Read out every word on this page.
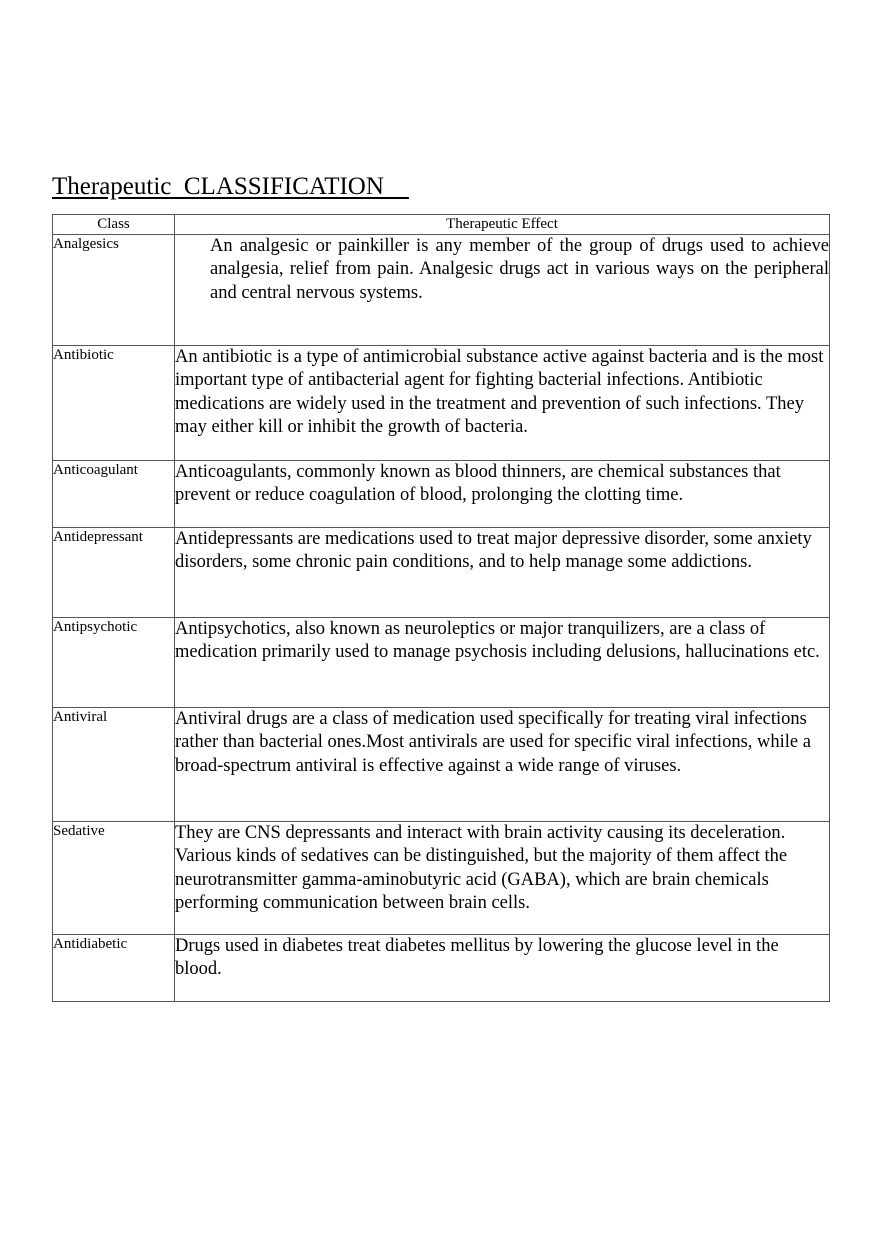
Therapeutic  CLASSIFICATION
Class	Therapeutic Effect
Analgesics	An analgesic or painkiller is any member of the group of drugs used to achieve analgesia, relief from pain. Analgesic drugs act in various ways on the peripheral and central nervous systems.
Antibiotic	An antibiotic is a type of antimicrobial substance active against bacteria and is the most important type of antibacterial agent for fighting bacterial infections. Antibiotic medications are widely used in the treatment and prevention of such infections. They may either kill or inhibit the growth of bacteria.
Anticoagulant	Anticoagulants, commonly known as blood thinners, are chemical substances that prevent or reduce coagulation of blood, prolonging the clotting time.
Antidepressant	Antidepressants are medications used to treat major depressive disorder, some anxiety disorders, some chronic pain conditions, and to help manage some addictions.
Antipsychotic	Antipsychotics, also known as neuroleptics or major tranquilizers, are a class of medication primarily used to manage psychosis including delusions, hallucinations etc.
Antiviral	Antiviral drugs are a class of medication used specifically for treating viral infections rather than bacterial ones.Most antivirals are used for specific viral infections, while a broad-spectrum antiviral is effective against a wide range of viruses.
Sedative	They are CNS depressants and interact with brain activity causing its deceleration. Various kinds of sedatives can be distinguished, but the majority of them affect the neurotransmitter gamma-aminobutyric acid (GABA), which are brain chemicals performing communication between brain cells.
Antidiabetic	Drugs used in diabetes treat diabetes mellitus by lowering the glucose level in the blood.
